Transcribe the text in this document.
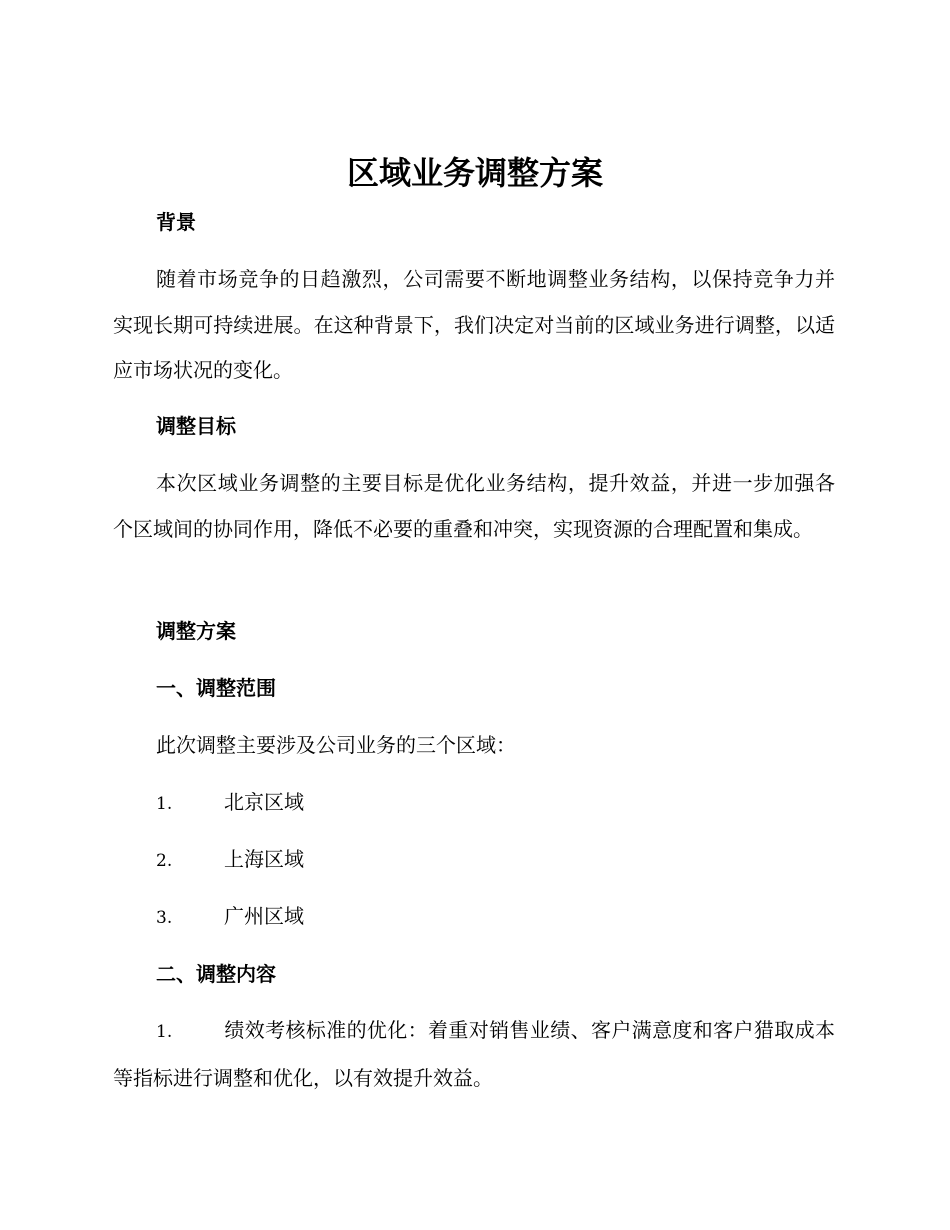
区域业务调整方案
背景
随着市场竞争的日趋激烈，公司需要不断地调整业务结构，以保持竞争力并实现长期可持续进展。在这种背景下，我们决定对当前的区域业务进行调整，以适应市场状况的变化。
调整目标
本次区域业务调整的主要目标是优化业务结构，提升效益，并进一步加强各个区域间的协同作用，降低不必要的重叠和冲突，实现资源的合理配置和集成。
调整方案
一、调整范围
此次调整主要涉及公司业务的三个区域：
1.	北京区域
2.	上海区域
3.	广州区域
二、调整内容
1.	绩效考核标准的优化：着重对销售业绩、客户满意度和客户猎取成本等指标进行调整和优化，以有效提升效益。
